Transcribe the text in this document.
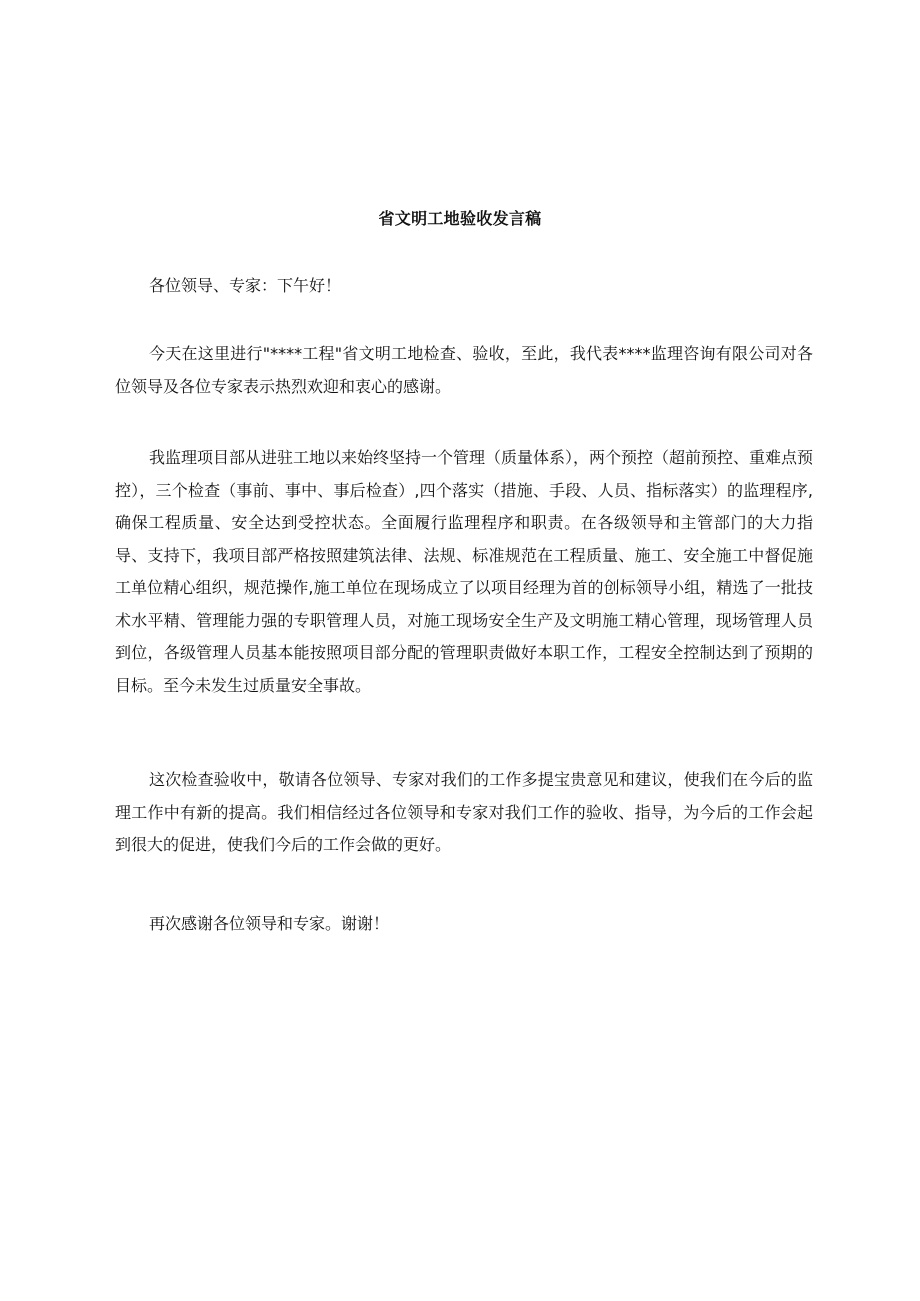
省文明工地验收发言稿

各位领导、专家：下午好！

今天在这里进行"****工程"省文明工地检查、验收，至此，我代表****监理咨询有限公司对各位领导及各位专家表示热烈欢迎和衷心的感谢。

我监理项目部从进驻工地以来始终坚持一个管理（质量体系），两个预控（超前预控、重难点预控），三个检查（事前、事中、事后检查）,四个落实（措施、手段、人员、指标落实）的监理程序,确保工程质量、安全达到受控状态。全面履行监理程序和职责。在各级领导和主管部门的大力指导、支持下，我项目部严格按照建筑法律、法规、标准规范在工程质量、施工、安全施工中督促施工单位精心组织，规范操作,施工单位在现场成立了以项目经理为首的创标领导小组，精选了一批技术水平精、管理能力强的专职管理人员，对施工现场安全生产及文明施工精心管理，现场管理人员到位，各级管理人员基本能按照项目部分配的管理职责做好本职工作，工程安全控制达到了预期的目标。至今未发生过质量安全事故。

这次检查验收中，敬请各位领导、专家对我们的工作多提宝贵意见和建议，使我们在今后的监理工作中有新的提高。我们相信经过各位领导和专家对我们工作的验收、指导，为今后的工作会起到很大的促进，使我们今后的工作会做的更好。

再次感谢各位领导和专家。谢谢！
